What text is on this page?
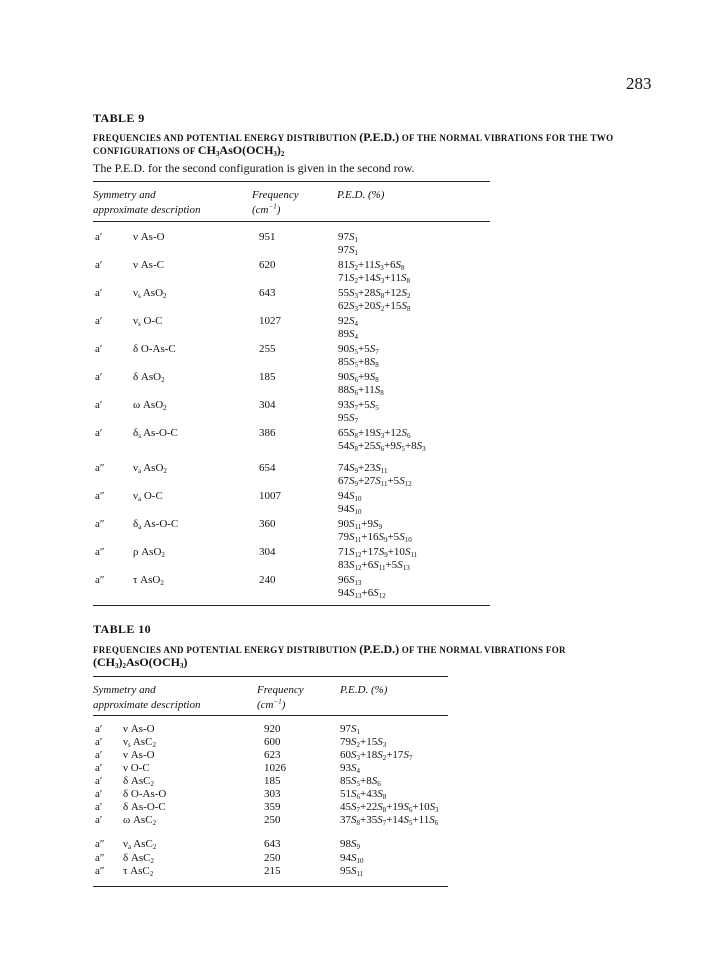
283
TABLE 9
FREQUENCIES AND POTENTIAL ENERGY DISTRIBUTION (P.E.D.) OF THE NORMAL VIBRATIONS FOR THE TWO CONFIGURATIONS OF $CH_3AsO(OCH_3)_2$
The P.E.D. for the second configuration is given in the second row.
Symmetry and
approximate description
Frequency
$(cm^{-1})$
P.E.D. (%)
a′	ν As-O	951	$97S_1$
$97S_1$
a′	ν As-C	620	$81S_2+11S_3+6S_8$
$71S_2+14S_3+11S_8$
a′	$\nu_s$ AsO$_2$	643	$55S_3+28S_8+12S_2$
$62S_3+20S_2+15S_8$
a′	$\nu_s$ O-C	1027	$92S_4$
$89S_4$
a′	δ O-As-C	255	$90S_5+5S_7$
$85S_5+8S_8$
a′	δ AsO$_2$	185	$90S_6+9S_8$
$88S_6+11S_8$
a′	ω AsO$_2$	304	$93S_7+5S_5$
$95S_7$
a′	$\delta_s$ As-O-C	386	$65S_8+19S_3+12S_6$
$54S_8+25S_6+9S_5+8S_3$
a″	$\nu_a$ AsO$_2$	654	$74S_9+23S_{11}$
$67S_9+27S_{11}+5S_{12}$
a″	$\nu_a$ O-C	1007	$94S_{10}$
$94S_{10}$
a″	$\delta_a$ As-O-C	360	$90S_{11}+9S_9$
$79S_{11}+16S_9+5S_{10}$
a″	ρ AsO$_2$	304	$71S_{12}+17S_9+10S_{11}$
$83S_{12}+6S_{11}+5S_{13}$
a″	τ AsO$_2$	240	$96S_{13}$
$94S_{13}+6S_{12}$
TABLE 10
FREQUENCIES AND POTENTIAL ENERGY DISTRIBUTION (P.E.D.) OF THE NORMAL VIBRATIONS FOR $(CH_3)_2AsO(OCH_3)$
Symmetry and
approximate description
Frequency
$(cm^{-1})$
P.E.D. (%)
a′ ν As-O	920	$97S_1$
a′ $\nu_s$ AsC$_2$	600	$79S_2+15S_3$
a′ ν As-O	623	$60S_3+18S_2+17S_7$
a′ ν O-C	1026	$93S_4$
a′ δ AsC$_2$	185	$85S_5+8S_6$
a′ δ O-As-O	303	$51S_6+43S_8$
a′ δ As-O-C	359	$45S_7+22S_8+19S_6+10S_3$
a′ ω AsC$_2$	250	$37S_8+35S_7+14S_5+11S_6$
a″ $\nu_a$ AsC$_2$	643	$98S_9$
a″ δ AsC$_2$	250	$94S_{10}$
a″ τ AsC$_2$	215	$95S_{11}$
